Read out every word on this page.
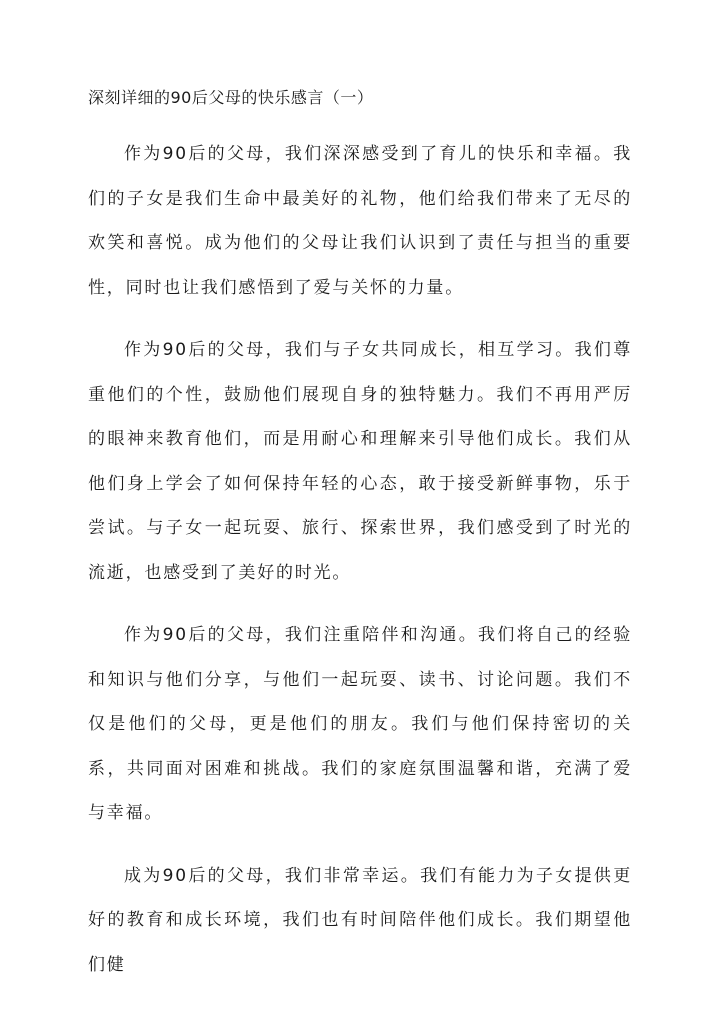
深刻详细的90后父母的快乐感言（一）

作为90后的父母，我们深深感受到了育儿的快乐和幸福。我们的子女是我们生命中最美好的礼物，他们给我们带来了无尽的欢笑和喜悦。成为他们的父母让我们认识到了责任与担当的重要性，同时也让我们感悟到了爱与关怀的力量。

作为90后的父母，我们与子女共同成长，相互学习。我们尊重他们的个性，鼓励他们展现自身的独特魅力。我们不再用严厉的眼神来教育他们，而是用耐心和理解来引导他们成长。我们从他们身上学会了如何保持年轻的心态，敢于接受新鲜事物，乐于尝试。与子女一起玩耍、旅行、探索世界，我们感受到了时光的流逝，也感受到了美好的时光。

作为90后的父母，我们注重陪伴和沟通。我们将自己的经验和知识与他们分享，与他们一起玩耍、读书、讨论问题。我们不仅是他们的父母，更是他们的朋友。我们与他们保持密切的关系，共同面对困难和挑战。我们的家庭氛围温馨和谐，充满了爱与幸福。

成为90后的父母，我们非常幸运。我们有能力为子女提供更好的教育和成长环境，我们也有时间陪伴他们成长。我们期望他们健
